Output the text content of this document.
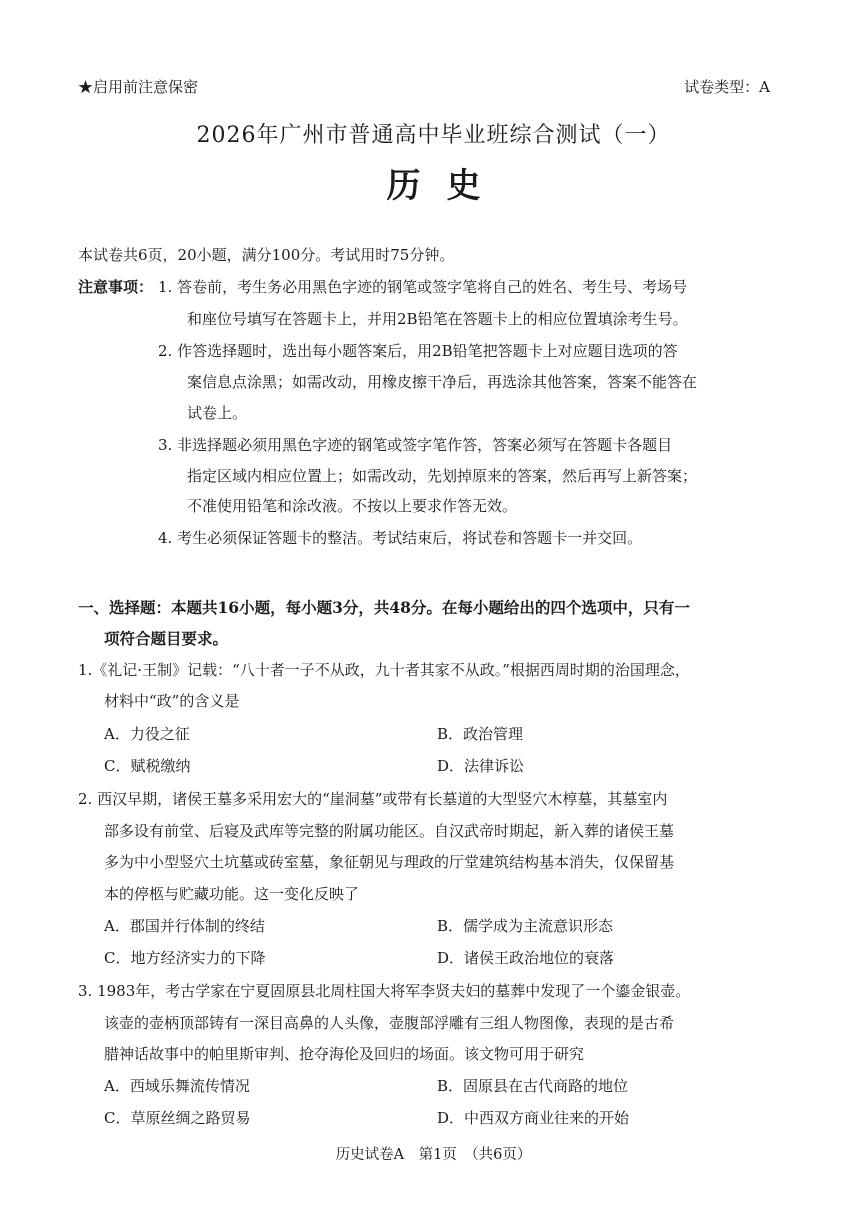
★启用前注意保密	试卷类型：A
2026年广州市普通高中毕业班综合测试（一）
历史
本试卷共6页，20小题，满分100分。考试用时75分钟。
注意事项： 1. 答卷前，考生务必用黑色字迹的钢笔或签字笔将自己的姓名、考生号、考场号
和座位号填写在答题卡上，并用2B铅笔在答题卡上的相应位置填涂考生号。
2. 作答选择题时，选出每小题答案后，用2B铅笔把答题卡上对应题目选项的答
案信息点涂黑；如需改动，用橡皮擦干净后，再选涂其他答案，答案不能答在
试卷上。
3. 非选择题必须用黑色字迹的钢笔或签字笔作答，答案必须写在答题卡各题目
指定区域内相应位置上；如需改动，先划掉原来的答案，然后再写上新答案；
不准使用铅笔和涂改液。不按以上要求作答无效。
4. 考生必须保证答题卡的整洁。考试结束后，将试卷和答题卡一并交回。
一、选择题：本题共16小题，每小题3分，共48分。在每小题给出的四个选项中，只有一
项符合题目要求。
1.《礼记·王制》记载：“八十者一子不从政，九十者其家不从政。”根据西周时期的治国理念，
材料中“政”的含义是
A．力役之征	B．政治管理
C．赋税缴纳	D．法律诉讼
2. 西汉早期，诸侯王墓多采用宏大的“崖洞墓”或带有长墓道的大型竖穴木椁墓，其墓室内
部多设有前堂、后寝及武库等完整的附属功能区。自汉武帝时期起，新入葬的诸侯王墓
多为中小型竖穴土坑墓或砖室墓，象征朝见与理政的厅堂建筑结构基本消失，仅保留基
本的停柩与贮藏功能。这一变化反映了
A．郡国并行体制的终结	B．儒学成为主流意识形态
C．地方经济实力的下降	D．诸侯王政治地位的衰落
3. 1983年，考古学家在宁夏固原县北周柱国大将军李贤夫妇的墓葬中发现了一个鎏金银壶。
该壶的壶柄顶部铸有一深目高鼻的人头像，壶腹部浮雕有三组人物图像，表现的是古希
腊神话故事中的帕里斯审判、抢夺海伦及回归的场面。该文物可用于研究
A．西域乐舞流传情况	B．固原县在古代商路的地位
C．草原丝绸之路贸易	D．中西双方商业往来的开始
历史试卷A　第1页　（共6页）
